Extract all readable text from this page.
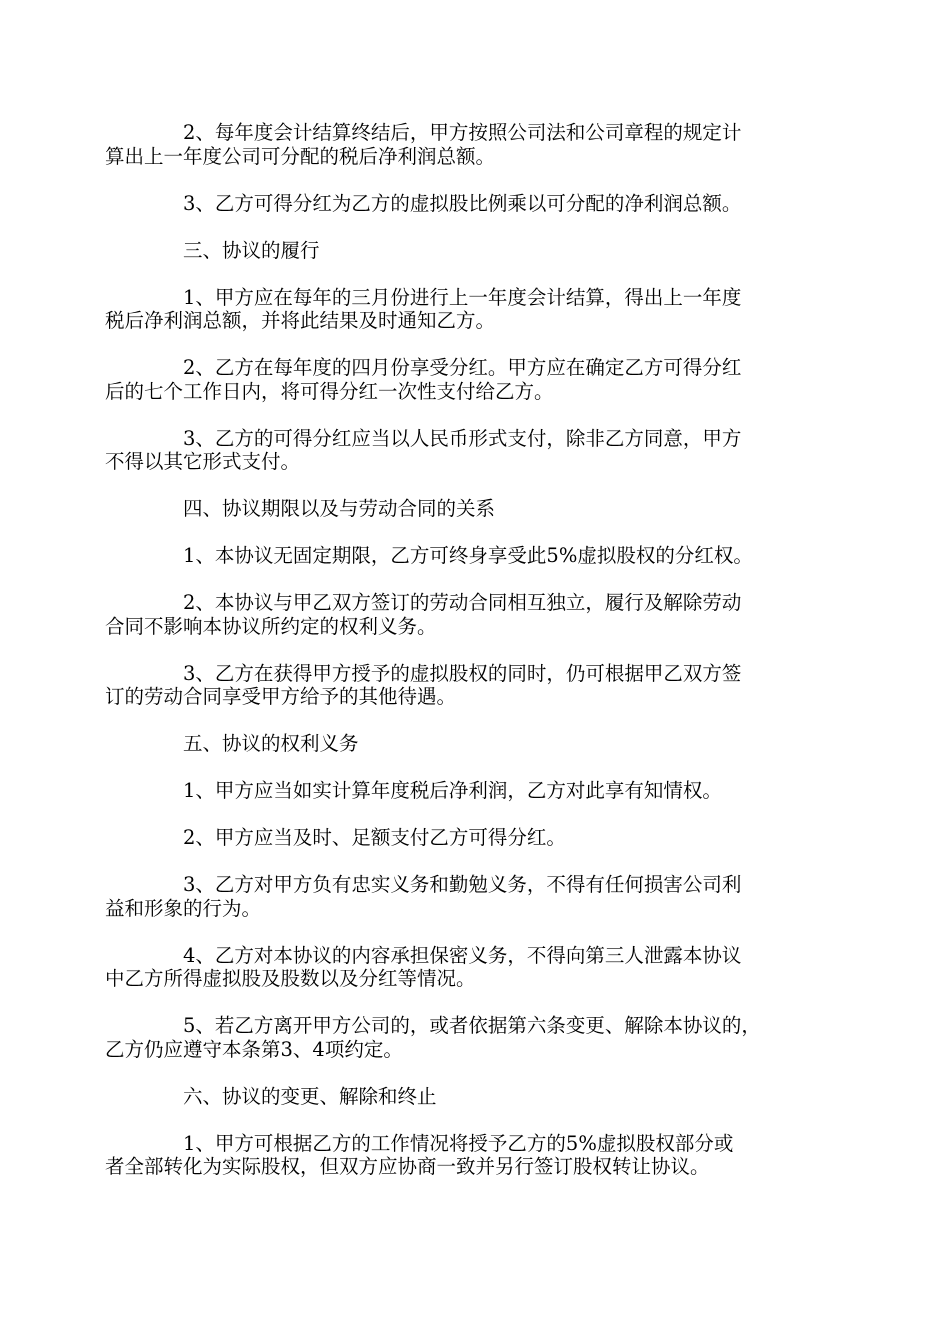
2、每年度会计结算终结后，甲方按照公司法和公司章程的规定计
算出上一年度公司可分配的税后净利润总额。

3、乙方可得分红为乙方的虚拟股比例乘以可分配的净利润总额。

三、协议的履行

1、甲方应在每年的三月份进行上一年度会计结算，得出上一年度
税后净利润总额，并将此结果及时通知乙方。

2、乙方在每年度的四月份享受分红。甲方应在确定乙方可得分红
后的七个工作日内，将可得分红一次性支付给乙方。

3、乙方的可得分红应当以人民币形式支付，除非乙方同意，甲方
不得以其它形式支付。

四、协议期限以及与劳动合同的关系

1、本协议无固定期限，乙方可终身享受此5%虚拟股权的分红权。

2、本协议与甲乙双方签订的劳动合同相互独立，履行及解除劳动
合同不影响本协议所约定的权利义务。

3、乙方在获得甲方授予的虚拟股权的同时，仍可根据甲乙双方签
订的劳动合同享受甲方给予的其他待遇。

五、协议的权利义务

1、甲方应当如实计算年度税后净利润，乙方对此享有知情权。

2、甲方应当及时、足额支付乙方可得分红。

3、乙方对甲方负有忠实义务和勤勉义务，不得有任何损害公司利
益和形象的行为。

4、乙方对本协议的内容承担保密义务，不得向第三人泄露本协议
中乙方所得虚拟股及股数以及分红等情况。

5、若乙方离开甲方公司的，或者依据第六条变更、解除本协议的，
乙方仍应遵守本条第3、4项约定。

六、协议的变更、解除和终止

1、甲方可根据乙方的工作情况将授予乙方的5%虚拟股权部分或
者全部转化为实际股权，但双方应协商一致并另行签订股权转让协议。
